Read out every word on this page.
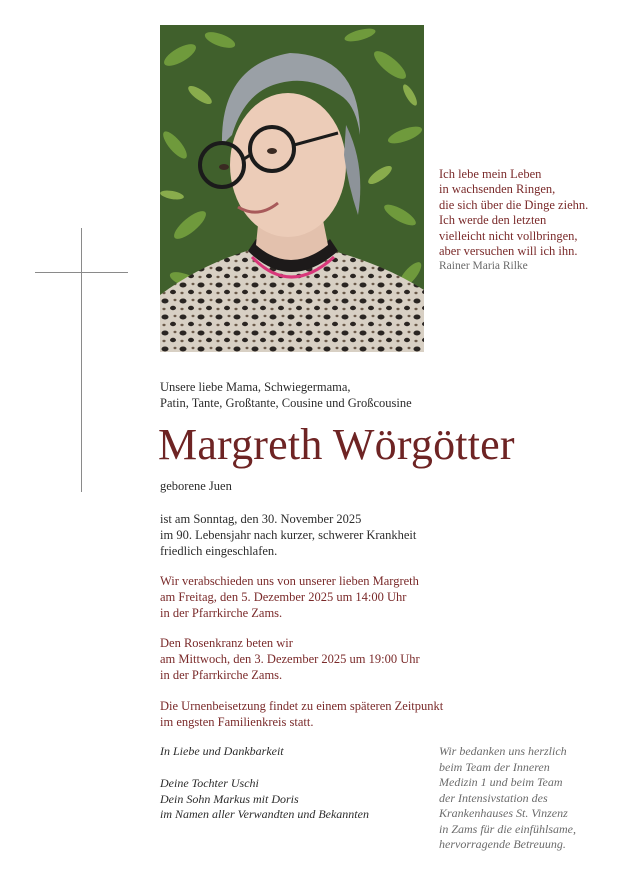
Ich lebe mein Leben
in wachsenden Ringen,
die sich über die Dinge ziehn.
Ich werde den letzten
vielleicht nicht vollbringen,
aber versuchen will ich ihn.
Rainer Maria Rilke
Unsere liebe Mama, Schwiegermama,
Patin, Tante, Großtante, Cousine und Großcousine
Margreth Wörgötter
geborene Juen
ist am Sonntag, den 30. November 2025
im 90. Lebensjahr nach kurzer, schwerer Krankheit
friedlich eingeschlafen.
Wir verabschieden uns von unserer lieben Margreth
am Freitag, den 5. Dezember 2025 um 14:00 Uhr
in der Pfarrkirche Zams.
Den Rosenkranz beten wir
am Mittwoch, den 3. Dezember 2025 um 19:00 Uhr
in der Pfarrkirche Zams.
Die Urnenbeisetzung findet zu einem späteren Zeitpunkt
im engsten Familienkreis statt.
In Liebe und Dankbarkeit
Deine Tochter Uschi
Dein Sohn Markus mit Doris
im Namen aller Verwandten und Bekannten
Wir bedanken uns herzlich
beim Team der Inneren
Medizin 1 und beim Team
der Intensivstation des
Krankenhauses St. Vinzenz
in Zams für die einfühlsame,
hervorragende Betreuung.
